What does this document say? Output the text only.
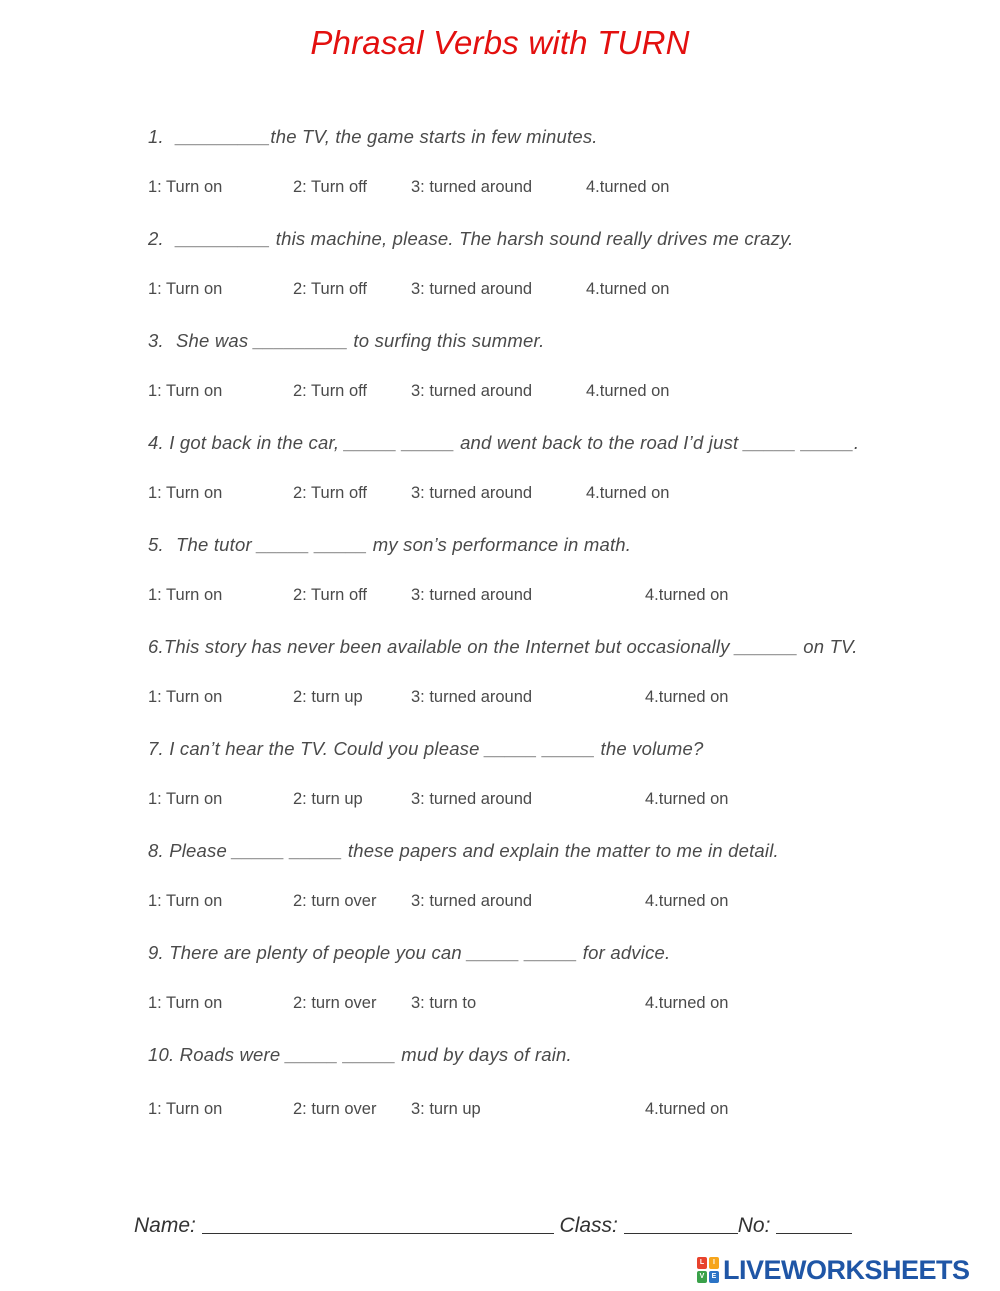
Phrasal Verbs with TURN
1. _________the TV, the game starts in few minutes.
1: Turn on	2: Turn off	3: turned around	4.turned on
2. _________ this machine, please. The harsh sound really drives me crazy.
1: Turn on	2: Turn off	3: turned around	4.turned on
3. She was _________ to surfing this summer.
1: Turn on	2: Turn off	3: turned around	4.turned on
4. I got back in the car, _____ _____ and went back to the road I’d just _____ _____.
1: Turn on	2: Turn off	3: turned around	4.turned on
5. The tutor _____ _____ my son’s performance in math.
1: Turn on	2: Turn off	3: turned around	4.turned on
6.This story has never been available on the Internet but occasionally ______ on TV.
1: Turn on	2: turn up	3: turned around	4.turned on
7. I can’t hear the TV. Could you please _____ _____ the volume?
1: Turn on	2: turn up	3: turned around	4.turned on
8. Please _____ _____ these papers and explain the matter to me in detail.
1: Turn on	2: turn over 3: turned around	4.turned on
9. There are plenty of people you can _____ _____ for advice.
1: Turn on	2: turn over 3: turn to	4.turned on
10. Roads were _____ _____ mud by days of rain.
1: Turn on	2: turn over 3: turn up	4.turned on
Name:	Class:	No:
L	I
V	E LIVEWORKSHEETS
